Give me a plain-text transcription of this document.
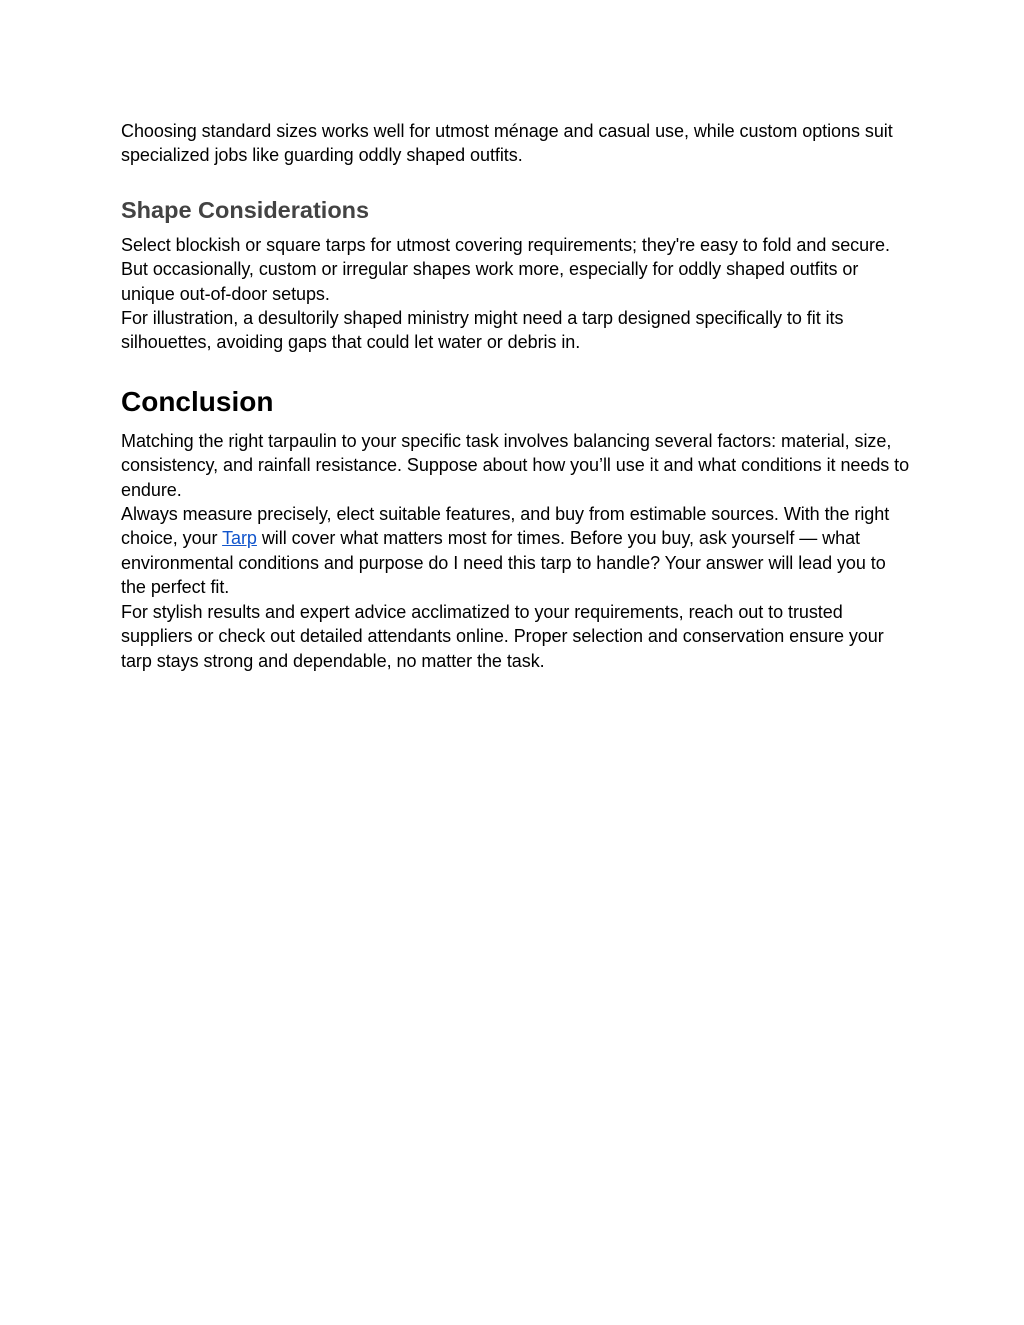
Choosing standard sizes works well for utmost ménage and casual use, while custom options suit specialized jobs like guarding oddly shaped outfits.

Shape Considerations

Select blockish or square tarps for utmost covering requirements; they're easy to fold and secure. But occasionally, custom or irregular shapes work more, especially for oddly shaped outfits or unique out-of-door setups.

For illustration, a desultorily shaped ministry might need a tarp designed specifically to fit its silhouettes, avoiding gaps that could let water or debris in.

Conclusion

Matching the right tarpaulin to your specific task involves balancing several factors: material, size, consistency, and rainfall resistance. Suppose about how you’ll use it and what conditions it needs to endure.

Always measure precisely, elect suitable features, and buy from estimable sources. With the right choice, your Tarp will cover what matters most for times. Before you buy, ask yourself — what environmental conditions and purpose do I need this tarp to handle? Your answer will lead you to the perfect fit.

For stylish results and expert advice acclimatized to your requirements, reach out to trusted suppliers or check out detailed attendants online. Proper selection and conservation ensure your tarp stays strong and dependable, no matter the task.
